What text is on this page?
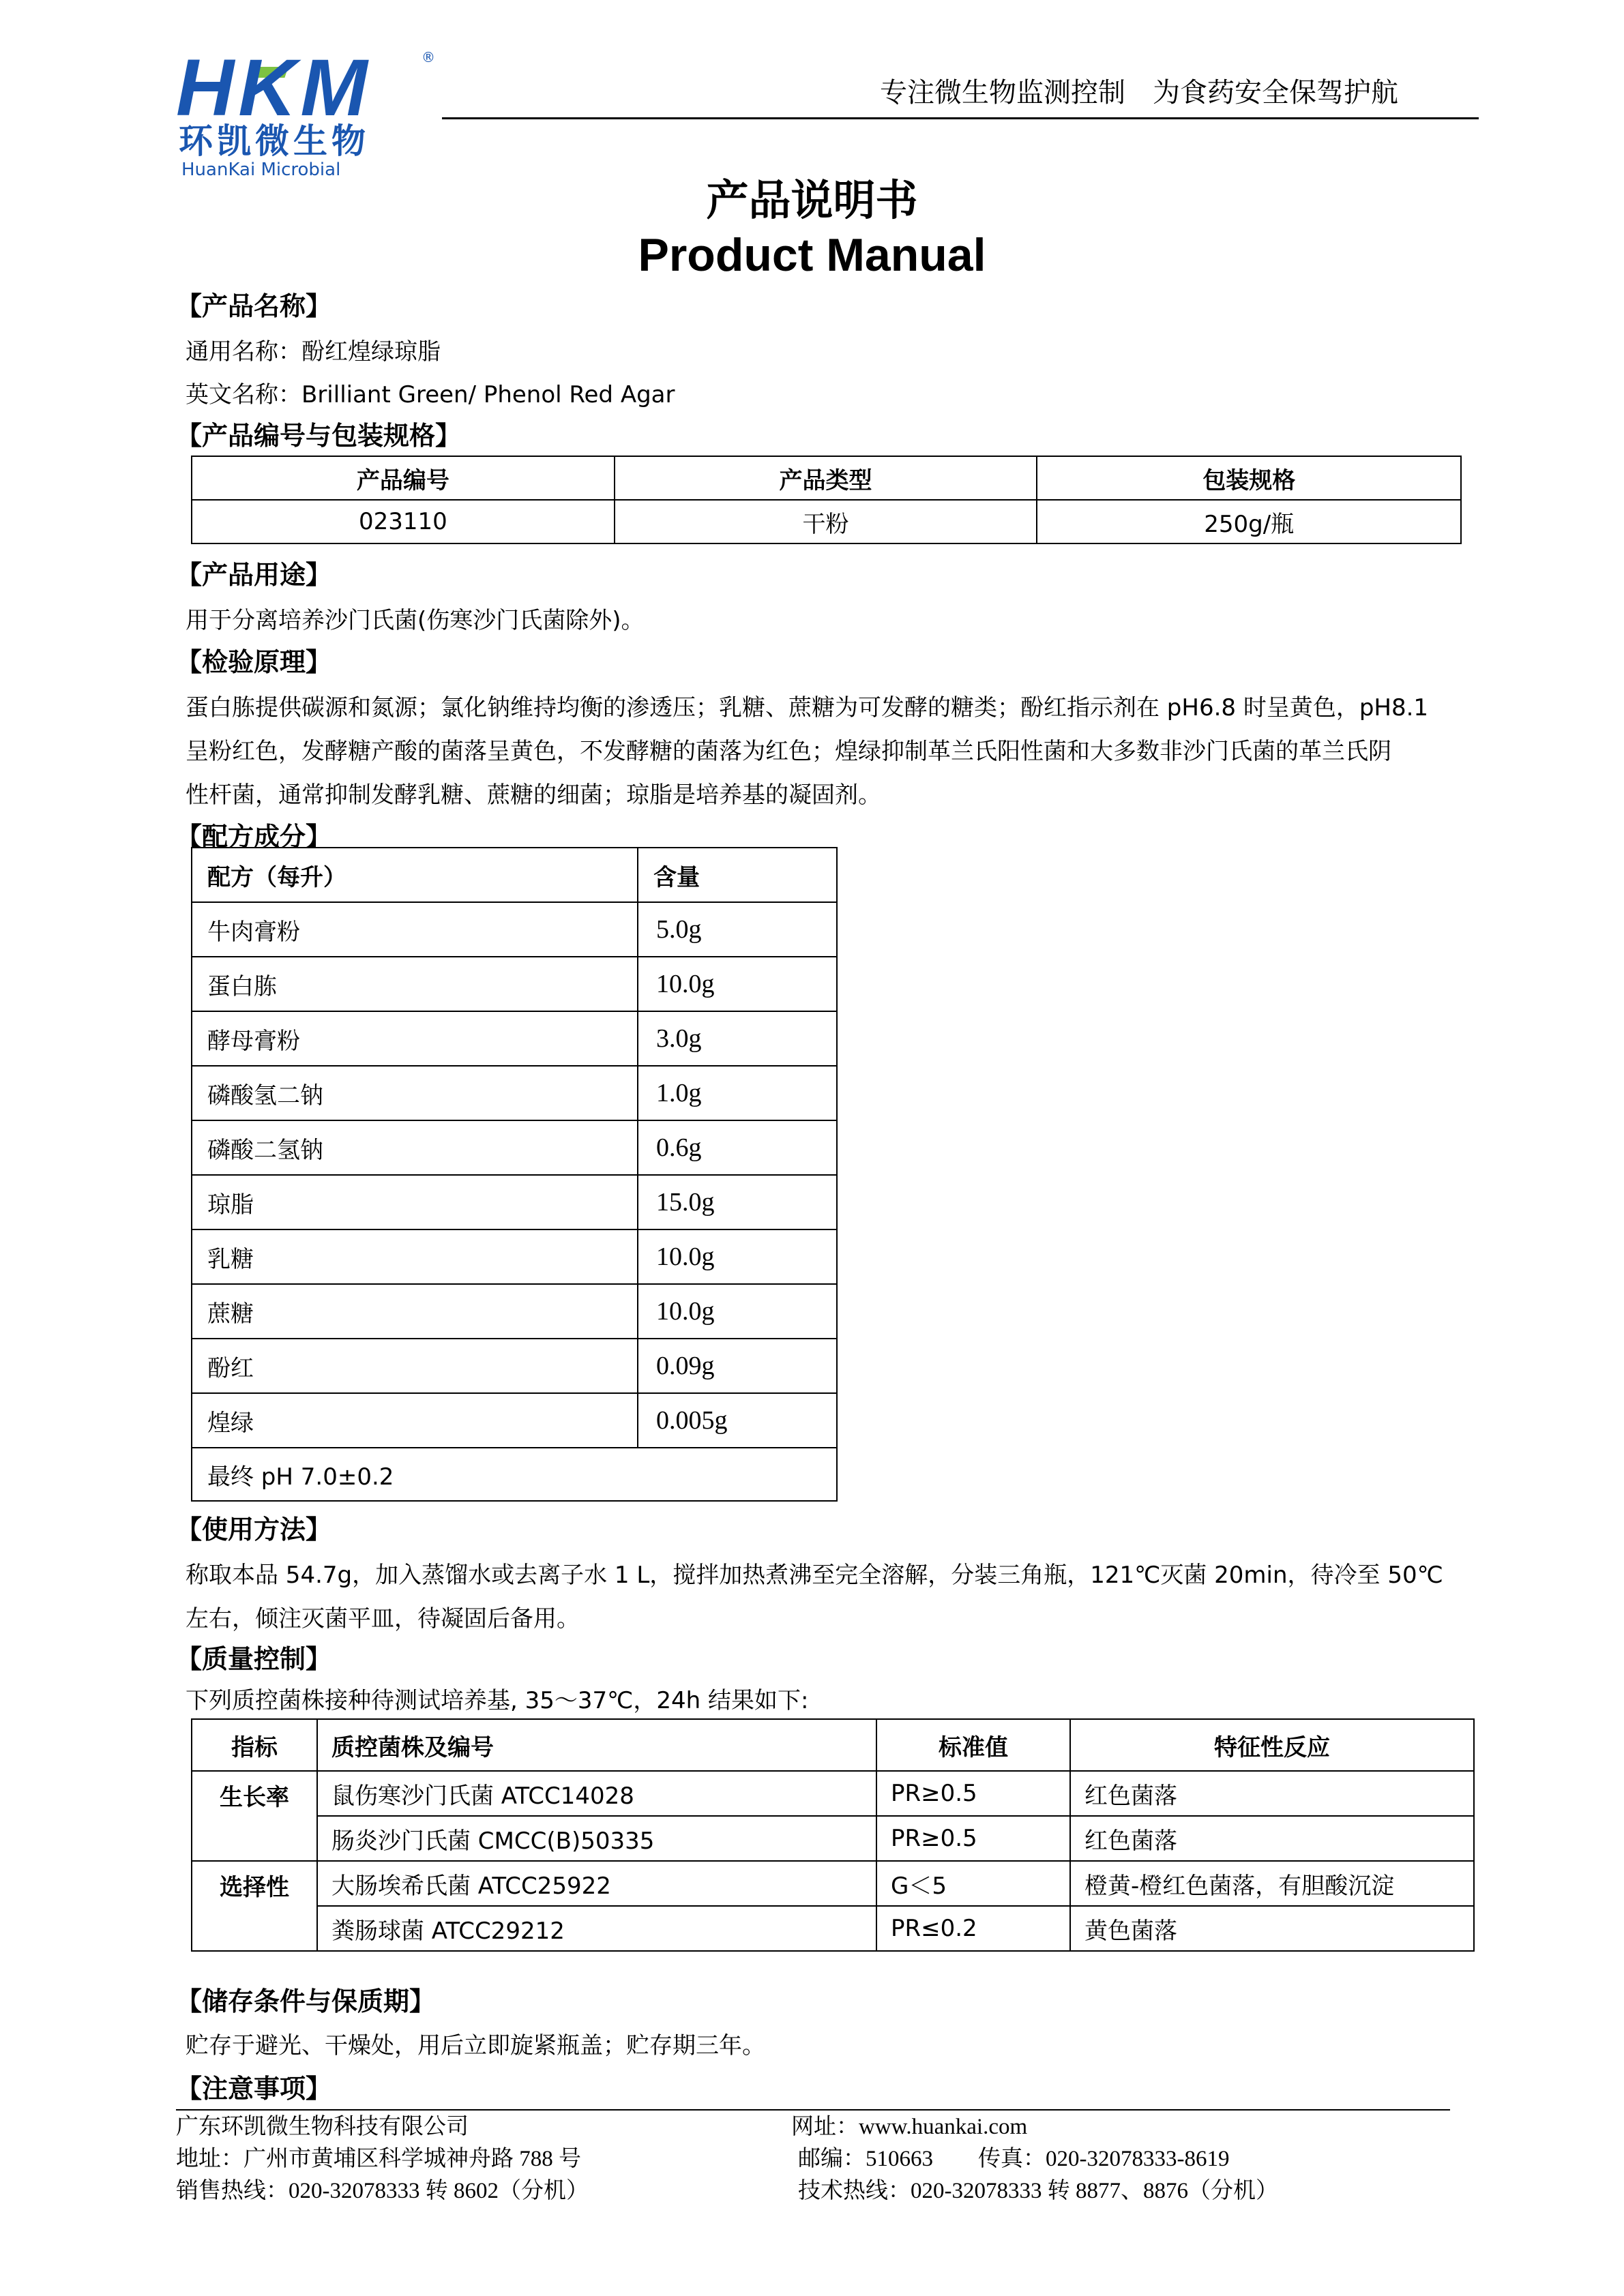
HKM	®
环凯微生物
HuanKai Microbial
专注微生物监测控制　为食药安全保驾护航
产品说明书
Product Manual
【产品名称】
通用名称：酚红煌绿琼脂
英文名称：Brilliant Green/ Phenol Red Agar
【产品编号与包装规格】
产品编号	产品类型	包装规格
023110	干粉	250g/瓶
【产品用途】
用于分离培养沙门氏菌(伤寒沙门氏菌除外)。
【检验原理】
蛋白胨提供碳源和氮源；氯化钠维持均衡的渗透压；乳糖、蔗糖为可发酵的糖类；酚红指示剂在 pH6.8 时呈黄色，pH8.1
呈粉红色，发酵糖产酸的菌落呈黄色，不发酵糖的菌落为红色；煌绿抑制革兰氏阳性菌和大多数非沙门氏菌的革兰氏阴
性杆菌，通常抑制发酵乳糖、蔗糖的细菌；琼脂是培养基的凝固剂。
【配方成分】
配方（每升）	含量
牛肉膏粉	5.0g
蛋白胨	10.0g
酵母膏粉	3.0g
磷酸氢二钠	1.0g
磷酸二氢钠	0.6g
琼脂	15.0g
乳糖	10.0g
蔗糖	10.0g
酚红	0.09g
煌绿	0.005g
最终 pH 7.0±0.2	
【使用方法】
称取本品 54.7g，加入蒸馏水或去离子水 1 L，搅拌加热煮沸至完全溶解，分装三角瓶，121℃灭菌 20min，待冷至 50℃
左右，倾注灭菌平皿，待凝固后备用。
【质量控制】
下列质控菌株接种待测试培养基, 35～37℃，24h 结果如下:
指标	质控菌株及编号	标准值	特征性反应
生长率	鼠伤寒沙门氏菌 ATCC14028	PR≥0.5	红色菌落
	肠炎沙门氏菌 CMCC(B)50335	PR≥0.5	红色菌落
选择性	大肠埃希氏菌 ATCC25922	G＜5	橙黄-橙红色菌落，有胆酸沉淀
	粪肠球菌 ATCC29212	PR≤0.2	黄色菌落
【储存条件与保质期】
贮存于避光、干燥处，用后立即旋紧瓶盖；贮存期三年。
【注意事项】
广东环凯微生物科技有限公司	网址：www.huankai.com
地址：广州市黄埔区科学城神舟路 788 号	邮编：510663　　传真：020-32078333-8619
销售热线：020-32078333 转 8602（分机）	技术热线：020-32078333 转 8877、8876（分机）
